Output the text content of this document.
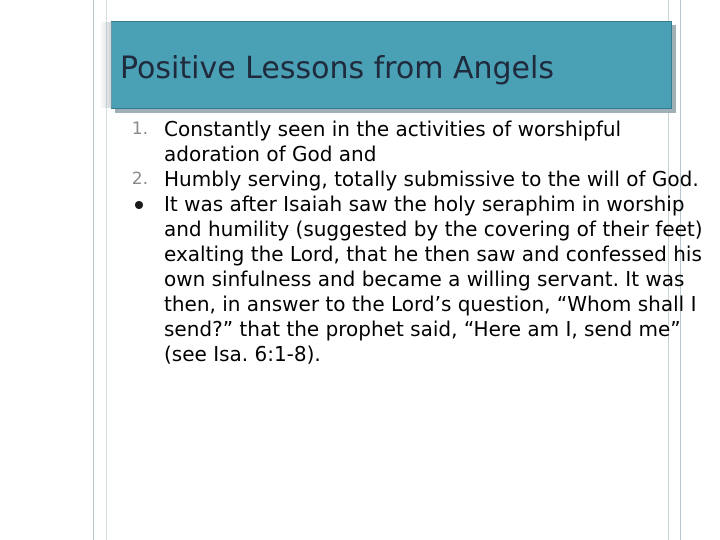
Positive Lessons from Angels
1. Constantly seen in the activities of worshipful adoration of God and
2. Humbly serving, totally submissive to the will of God.
It was after Isaiah saw the holy seraphim in worship and humility (suggested by the covering of their feet) exalting the Lord, that he then saw and confessed his own sinfulness and became a willing servant. It was then, in answer to the Lord’s question, “Whom shall I send?” that the prophet said, “Here am I, send me” (see Isa. 6:1-8).
